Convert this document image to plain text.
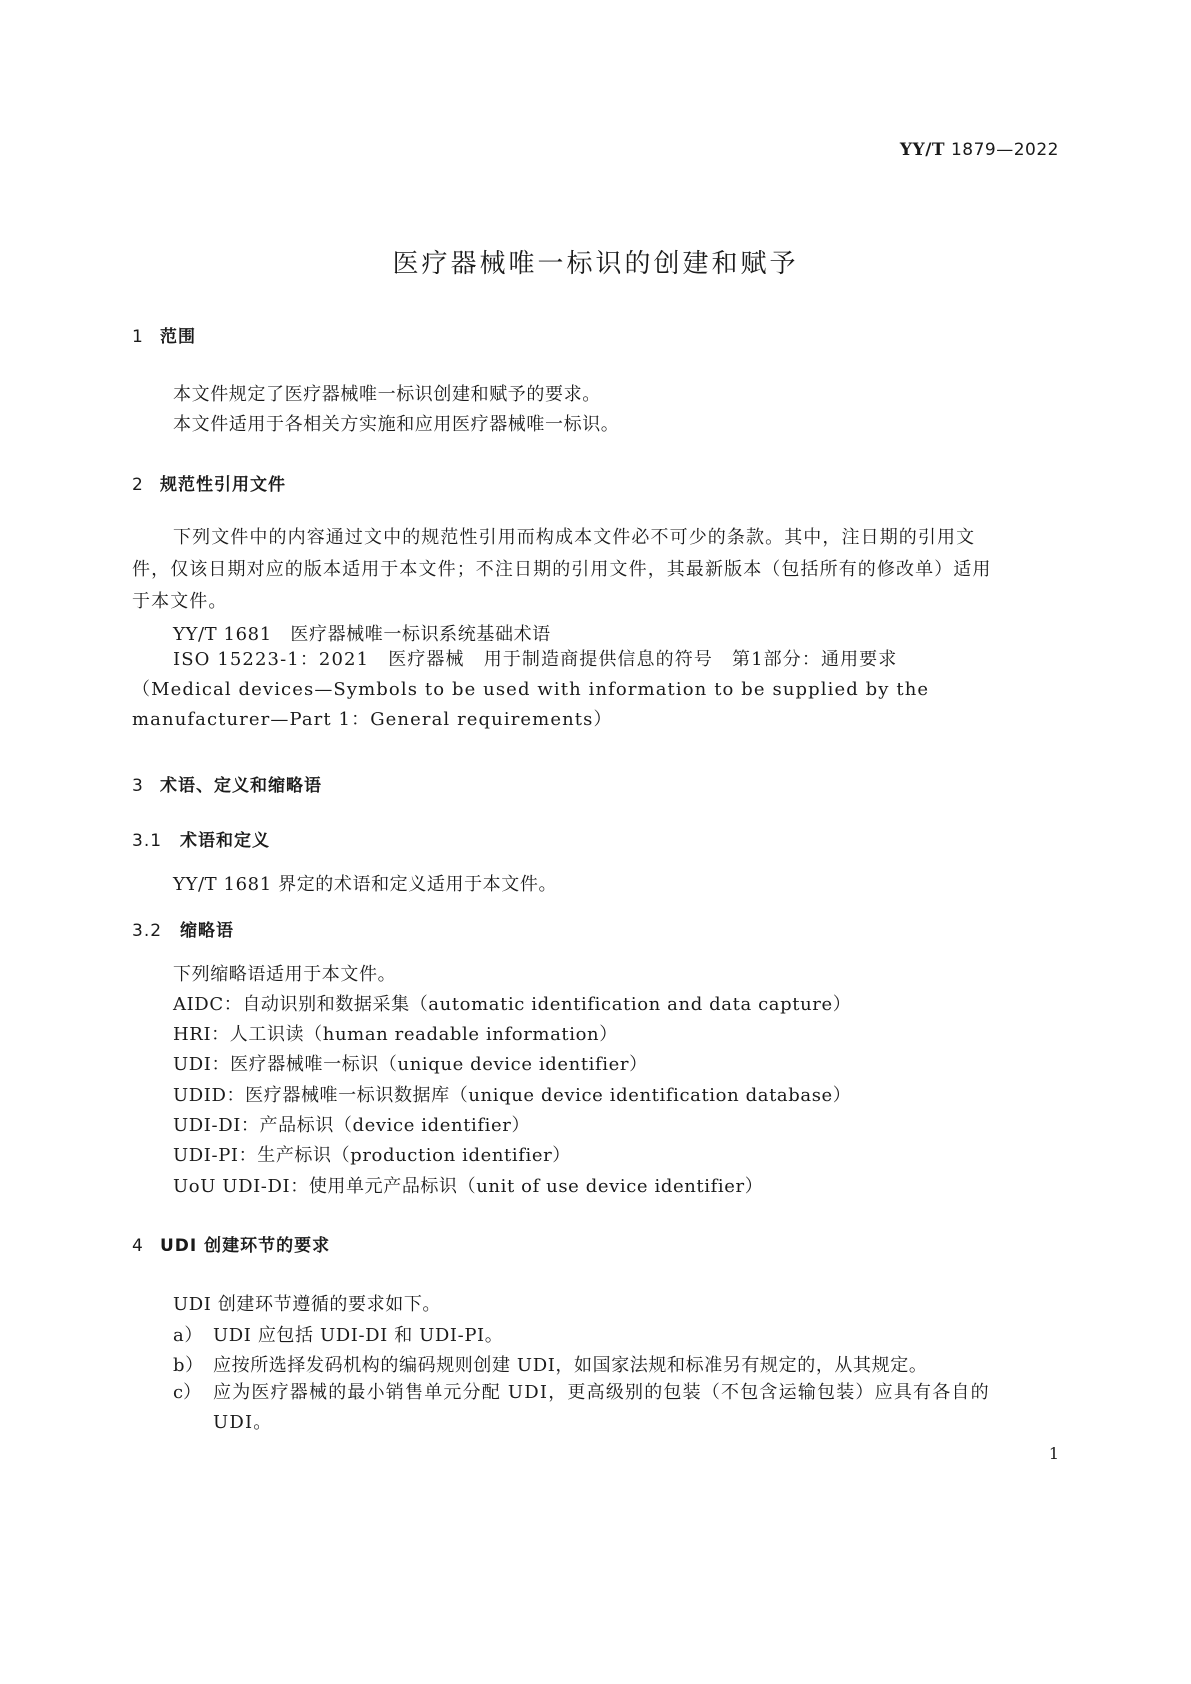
YY/T 1879—2022
医疗器械唯一标识的创建和赋予
1 范围

本文件规定了医疗器械唯一标识创建和赋予的要求。

本文件适用于各相关方实施和应用医疗器械唯一标识。

2 规范性引用文件

下列文件中的内容通过文中的规范性引用而构成本文件必不可少的条款。其中，注日期的引用文件，仅该日期对应的版本适用于本文件；不注日期的引用文件，其最新版本（包括所有的修改单）适用于本文件。

YY/T 1681　医疗器械唯一标识系统基础术语

ISO 15223-1：2021　医疗器械　用于制造商提供信息的符号　第1部分：通用要求（Medical devices—Symbols to be used with information to be supplied by the manufacturer—Part 1：General requirements）

3 术语、定义和缩略语
3.1 术语和定义

YY/T 1681 界定的术语和定义适用于本文件。

3.2 缩略语

下列缩略语适用于本文件。

AIDC：自动识别和数据采集（automatic identification and data capture）

HRI：人工识读（human readable information）

UDI：医疗器械唯一标识（unique device identifier）

UDID：医疗器械唯一标识数据库（unique device identification database）

UDI-DI：产品标识（device identifier）

UDI-PI：生产标识（production identifier）

UoU UDI-DI：使用单元产品标识（unit of use device identifier）

4 UDI 创建环节的要求

UDI 创建环节遵循的要求如下。

a） UDI 应包括 UDI-DI 和 UDI-PI。
b） 应按所选择发码机构的编码规则创建 UDI，如国家法规和标准另有规定的，从其规定。
c） 应为医疗器械的最小销售单元分配 UDI，更高级别的包装（不包含运输包装）应具有各自的 UDI。
1
